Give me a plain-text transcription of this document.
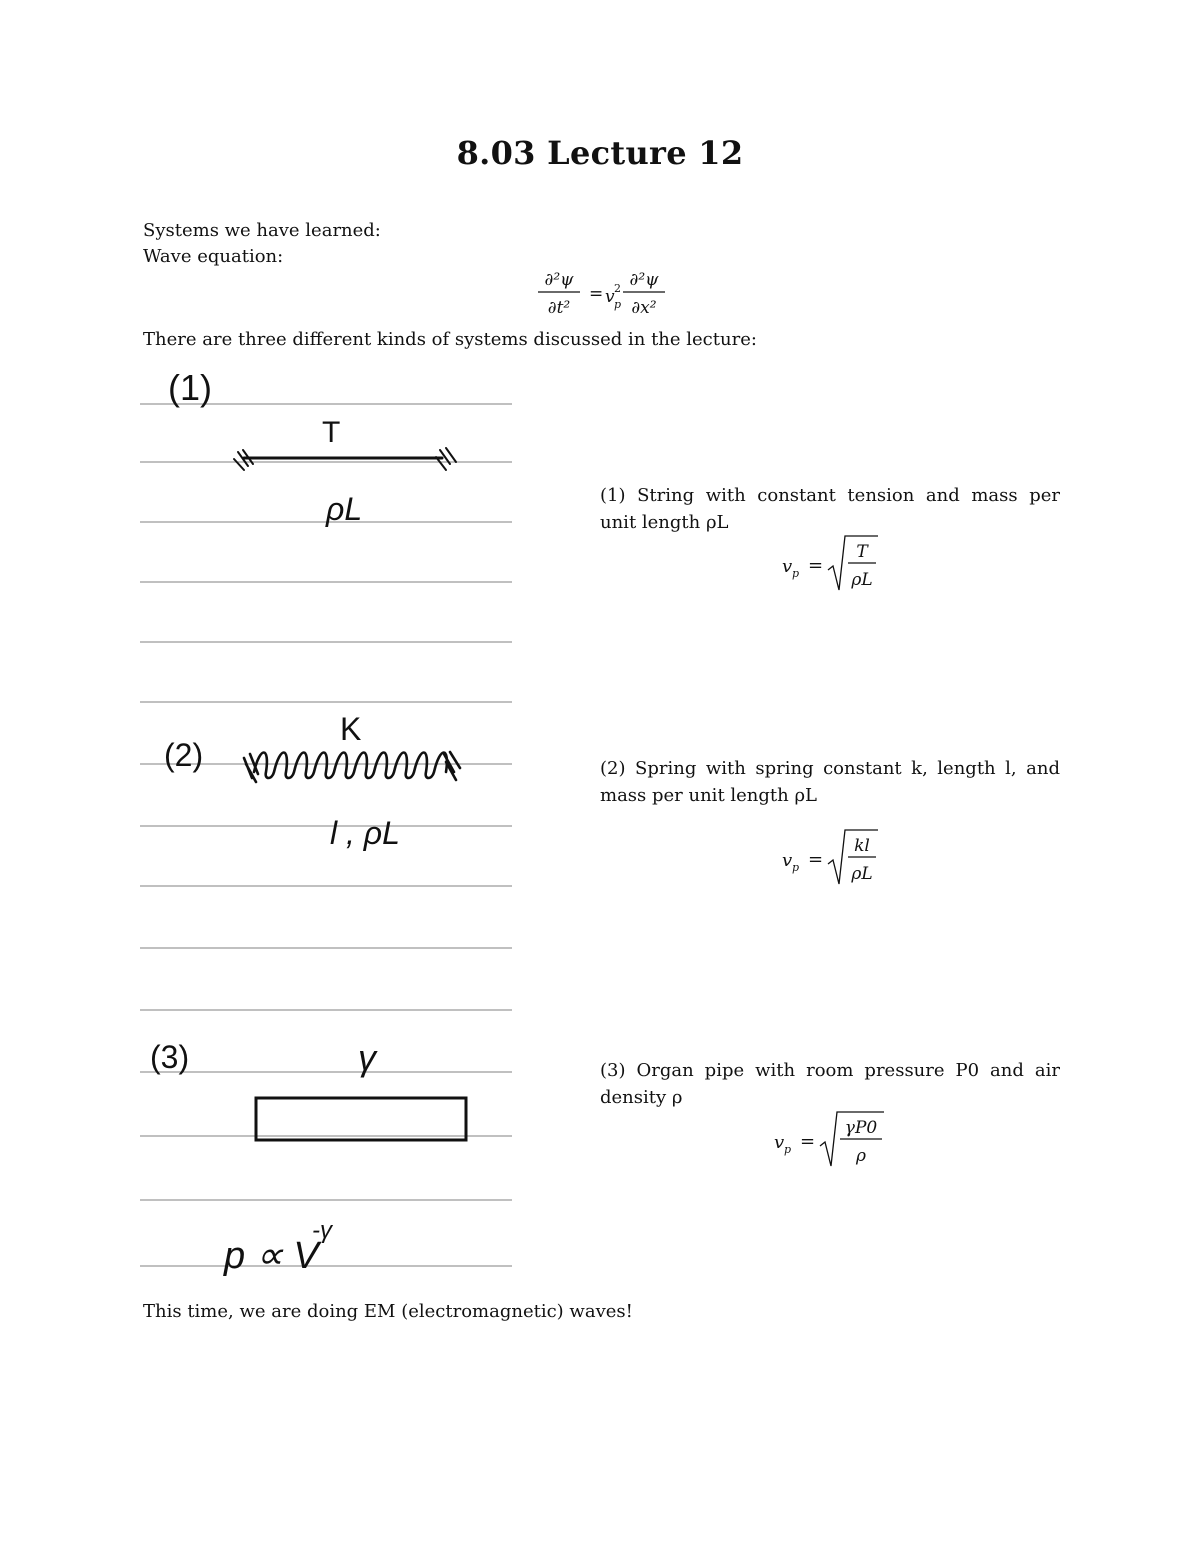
8.03 Lecture 12
Systems we have learned:
Wave equation:
∂²ψ
∂t²
= v 2
p
∂²ψ
∂x²
There are three different kinds of systems discussed in the lecture:
(1)
T
ρL
K
(2)
l , ρL
(3)	γ
p ∝ V
-γ
(1) String with constant tension and mass per unit length ρL
v p =
T
ρL
(2) Spring with spring constant k, length l, and mass per unit length ρL
v p =
kl
ρL
(3) Organ pipe with room pressure P0 and air density ρ
v p =
γP0
ρ
This time, we are doing EM (electromagnetic) waves!
